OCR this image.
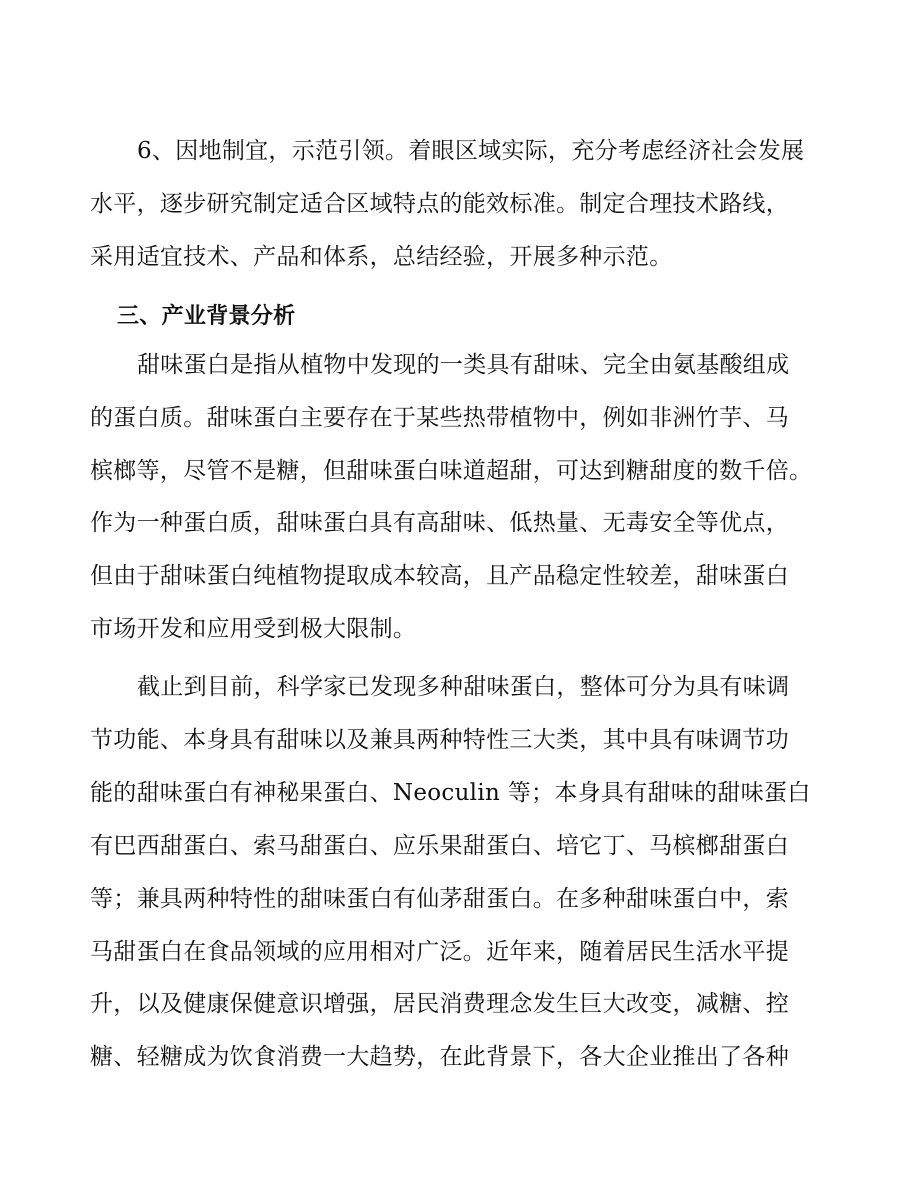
6、因地制宜，示范引领。着眼区域实际，充分考虑经济社会发展
水平，逐步研究制定适合区域特点的能效标准。制定合理技术路线，
采用适宜技术、产品和体系，总结经验，开展多种示范。
三、产业背景分析
甜味蛋白是指从植物中发现的一类具有甜味、完全由氨基酸组成
的蛋白质。甜味蛋白主要存在于某些热带植物中，例如非洲竹芋、马
槟榔等，尽管不是糖，但甜味蛋白味道超甜，可达到糖甜度的数千倍。
作为一种蛋白质，甜味蛋白具有高甜味、低热量、无毒安全等优点，
但由于甜味蛋白纯植物提取成本较高，且产品稳定性较差，甜味蛋白
市场开发和应用受到极大限制。
截止到目前，科学家已发现多种甜味蛋白，整体可分为具有味调
节功能、本身具有甜味以及兼具两种特性三大类，其中具有味调节功
能的甜味蛋白有神秘果蛋白、Neoculin 等；本身具有甜味的甜味蛋白
有巴西甜蛋白、索马甜蛋白、应乐果甜蛋白、培它丁、马槟榔甜蛋白
等；兼具两种特性的甜味蛋白有仙茅甜蛋白。在多种甜味蛋白中，索
马甜蛋白在食品领域的应用相对广泛。近年来，随着居民生活水平提
升，以及健康保健意识增强，居民消费理念发生巨大改变，减糖、控
糖、轻糖成为饮食消费一大趋势，在此背景下，各大企业推出了各种
